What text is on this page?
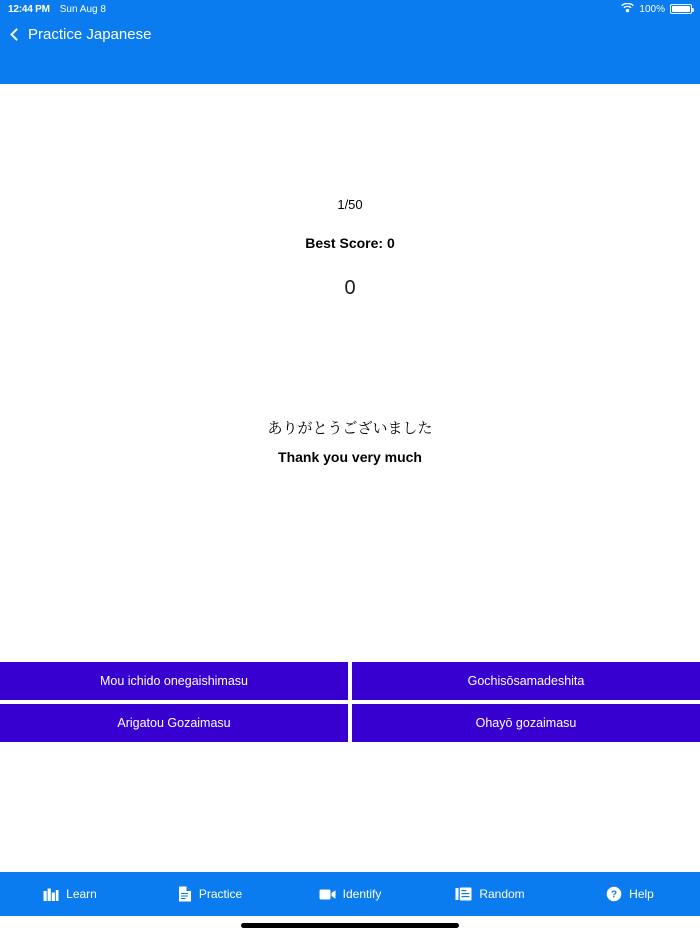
12:44 PM Sun Aug 8	100%
Practice Japanese
1/50
Best Score: 0
0
ありがとうございました
Thank you very much
Mou ichido onegaishimasu	Gochisōsamadeshita
Arigatou Gozaimasu	Ohayō gozaimasu
Learn	Practice	Identify	Random	? Help
